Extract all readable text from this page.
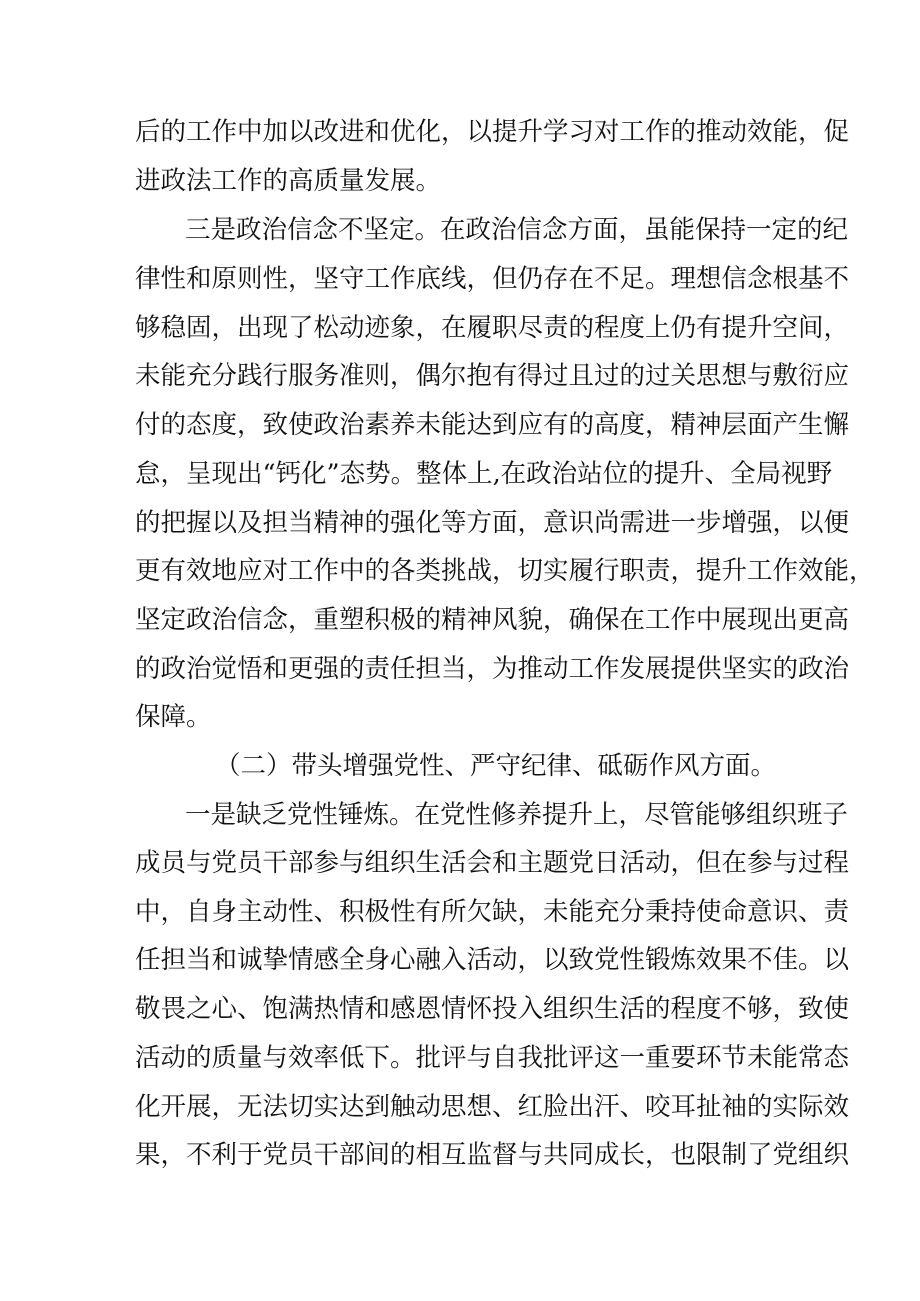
后的工作中加以改进和优化，以提升学习对工作的推动效能，促
进政法工作的高质量发展。
三是政治信念不坚定。在政治信念方面，虽能保持一定的纪
律性和原则性，坚守工作底线，但仍存在不足。理想信念根基不
够稳固，出现了松动迹象，在履职尽责的程度上仍有提升空间，
未能充分践行服务准则，偶尔抱有得过且过的过关思想与敷衍应
付的态度，致使政治素养未能达到应有的高度，精神层面产生懈
怠，呈现出“钙化”态势。整体上,在政治站位的提升、全局视野
的把握以及担当精神的强化等方面，意识尚需进一步增强，以便
更有效地应对工作中的各类挑战，切实履行职责，提升工作效能，
坚定政治信念，重塑积极的精神风貌，确保在工作中展现出更高
的政治觉悟和更强的责任担当，为推动工作发展提供坚实的政治
保障。
（二）带头增强党性、严守纪律、砥砺作风方面。
一是缺乏党性锤炼。在党性修养提升上，尽管能够组织班子
成员与党员干部参与组织生活会和主题党日活动，但在参与过程
中，自身主动性、积极性有所欠缺，未能充分秉持使命意识、责
任担当和诚挚情感全身心融入活动，以致党性锻炼效果不佳。以
敬畏之心、饱满热情和感恩情怀投入组织生活的程度不够，致使
活动的质量与效率低下。批评与自我批评这一重要环节未能常态
化开展，无法切实达到触动思想、红脸出汗、咬耳扯袖的实际效
果，不利于党员干部间的相互监督与共同成长，也限制了党组织
